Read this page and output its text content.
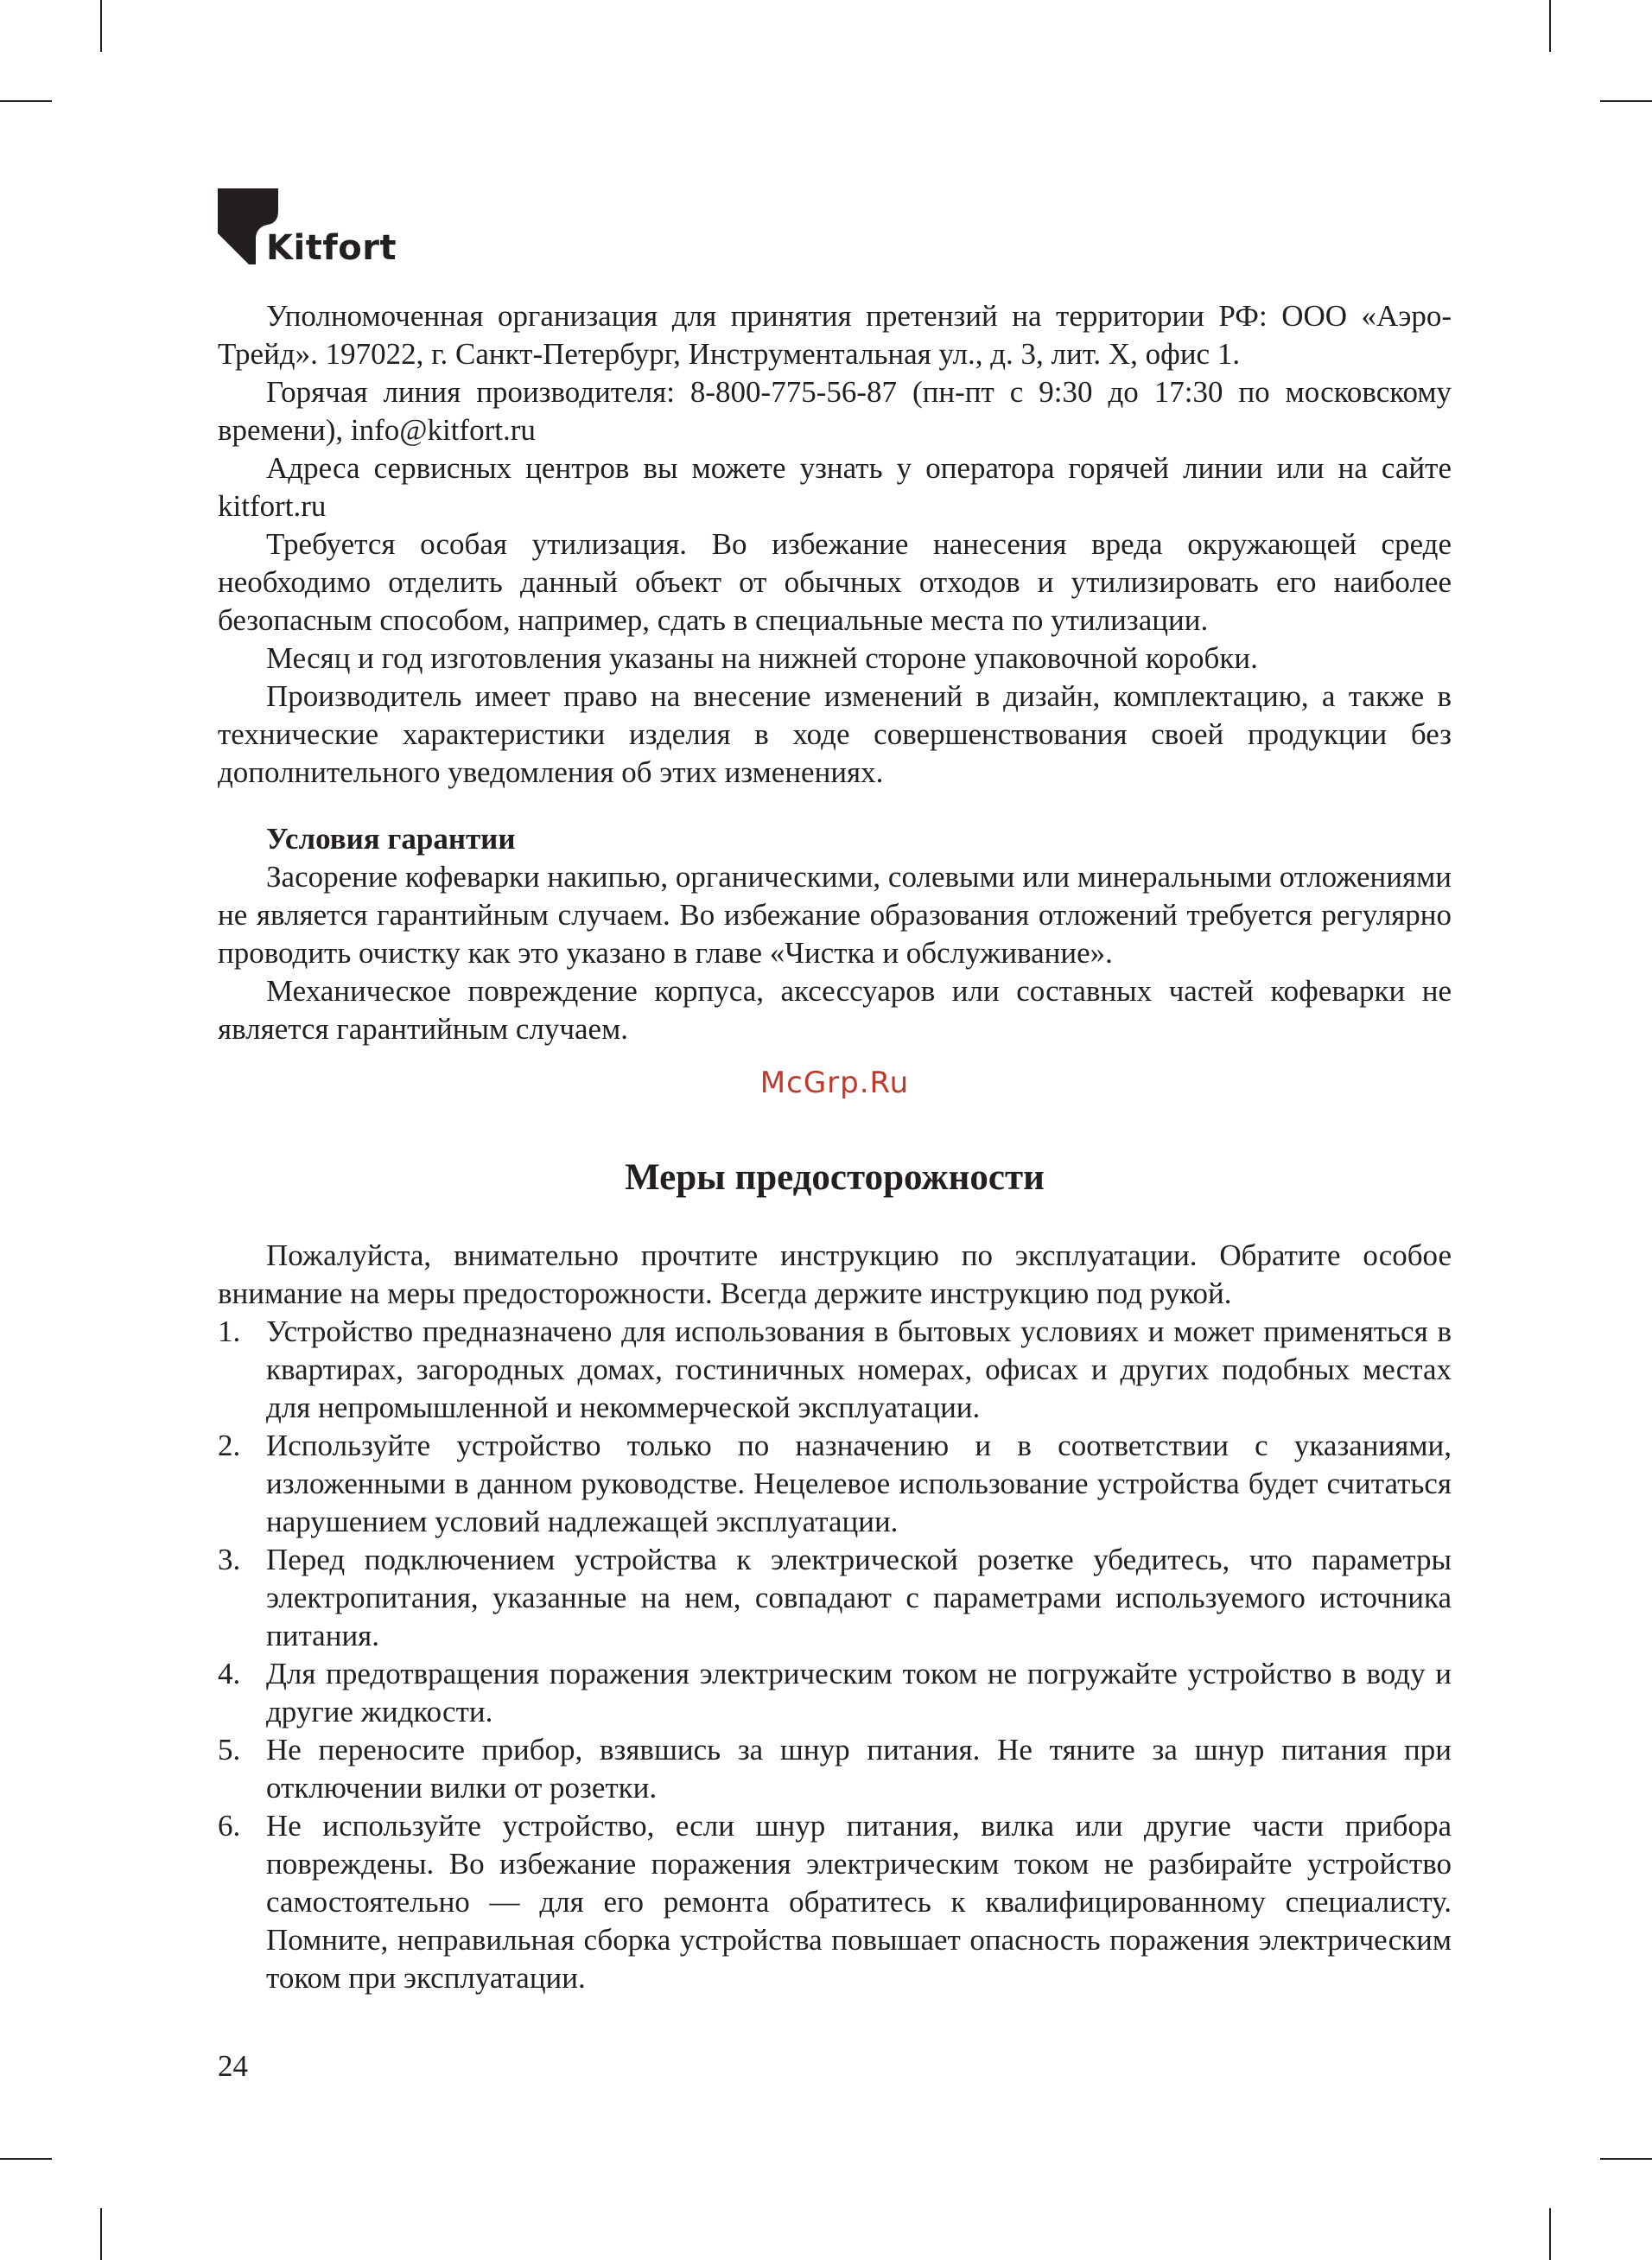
Kitfort

Уполномоченная организация для принятия претензий на территории РФ: ООО «Аэро-Трейд». 197022, г. Санкт-Петербург, Инструментальная ул., д. 3, лит. Х, офис 1.

Горячая линия производителя: 8-800-775-56-87 (пн-пт с 9:30 до 17:30 по московскому времени), info@kitfort.ru

Адреса сервисных центров вы можете узнать у оператора горячей линии или на сайте kitfort.ru

Требуется особая утилизация. Во избежание нанесения вреда окружающей среде необходимо отделить данный объект от обычных отходов и утилизировать его наиболее безопасным способом, например, сдать в специальные места по утилизации.

Месяц и год изготовления указаны на нижней стороне упаковочной коробки.

Производитель имеет право на внесение изменений в дизайн, комплектацию, а также в технические характеристики изделия в ходе совершенствования своей продукции без дополнительного уведомления об этих изменениях.

Условия гарантии

Засорение кофеварки накипью, органическими, солевыми или минеральными отложениями не является гарантийным случаем. Во избежание образования отложений требуется регулярно проводить очистку как это указано в главе «Чистка и обслуживание».

Механическое повреждение корпуса, аксессуаров или составных частей кофеварки не является гарантийным случаем.

McGrp.Ru
Меры предосторожности

Пожалуйста, внимательно прочтите инструкцию по эксплуатации. Обратите особое внимание на меры предосторожности. Всегда держите инструкцию под рукой.

1. Устройство предназначено для использования в бытовых условиях и может применяться в квартирах, загородных домах, гостиничных номерах, офисах и других подобных местах для непромышленной и некоммерческой эксплуатации.
2. Используйте устройство только по назначению и в соответствии с указаниями, изложенными в данном руководстве. Нецелевое использование устройства будет считаться нарушением условий надлежащей эксплуатации.
3. Перед подключением устройства к электрической розетке убедитесь, что параметры электропитания, указанные на нем, совпадают с параметрами используемого источника питания.
4. Для предотвращения поражения электрическим током не погружайте устройство в воду и другие жидкости.
5. Не переносите прибор, взявшись за шнур питания. Не тяните за шнур питания при отключении вилки от розетки.
6. Не используйте устройство, если шнур питания, вилка или другие части прибора повреждены. Во избежание поражения электрическим током не разбирайте устройство самостоятельно — для его ремонта обратитесь к квалифицированному специалисту. Помните, неправильная сборка устройства повышает опасность поражения электрическим током при эксплуатации.
24
